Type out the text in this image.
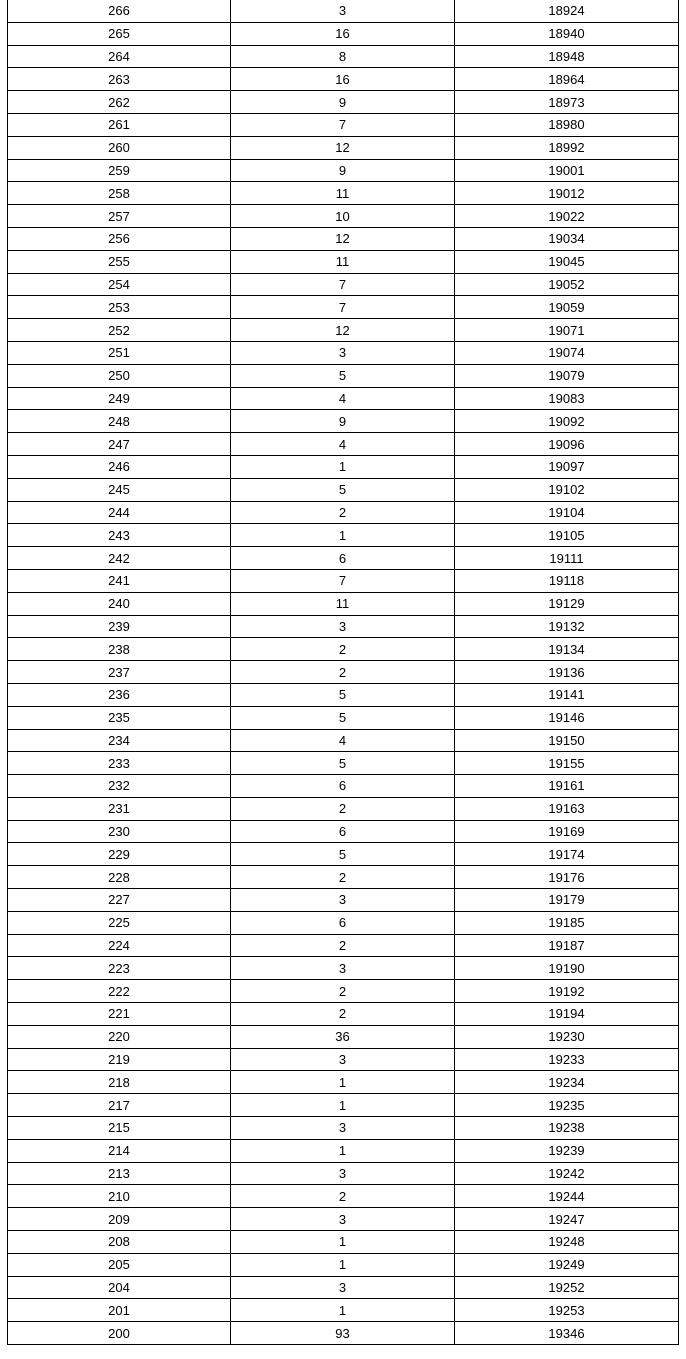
266	3	18924
265	16	18940
264	8	18948
263	16	18964
262	9	18973
261	7	18980
260	12	18992
259	9	19001
258	11	19012
257	10	19022
256	12	19034
255	11	19045
254	7	19052
253	7	19059
252	12	19071
251	3	19074
250	5	19079
249	4	19083
248	9	19092
247	4	19096
246	1	19097
245	5	19102
244	2	19104
243	1	19105
242	6	19111
241	7	19118
240	11	19129
239	3	19132
238	2	19134
237	2	19136
236	5	19141
235	5	19146
234	4	19150
233	5	19155
232	6	19161
231	2	19163
230	6	19169
229	5	19174
228	2	19176
227	3	19179
225	6	19185
224	2	19187
223	3	19190
222	2	19192
221	2	19194
220	36	19230
219	3	19233
218	1	19234
217	1	19235
215	3	19238
214	1	19239
213	3	19242
210	2	19244
209	3	19247
208	1	19248
205	1	19249
204	3	19252
201	1	19253
200	93	19346
